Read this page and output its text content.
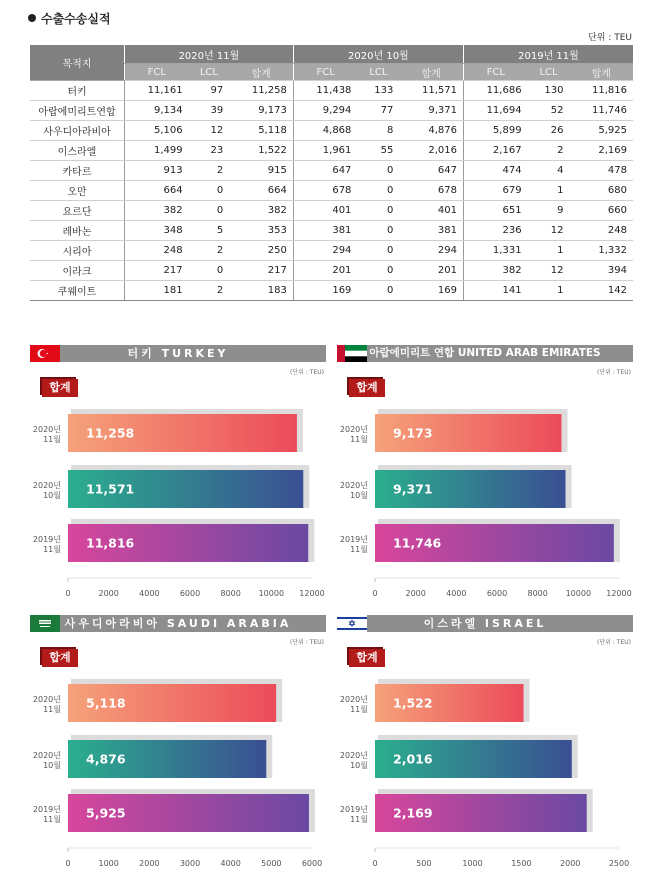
수출수송실적
단위 : TEU
목적지	2020년 11월			2020년 10월			2019년 11월		
	FCL	LCL	합계	FCL	LCL	합계	FCL	LCL	합계
터키	11,161	97	11,258	11,438	133	11,571	11,686	130	11,816
아랍에미리트연합	9,134	39	9,173	9,294	77	9,371	11,694	52	11,746
사우디아라비아	5,106	12	5,118	4,868	8	4,876	5,899	26	5,925
이스라엘	1,499	23	1,522	1,961	55	2,016	2,167	2	2,169
카타르	913	2	915	647	0	647	474	4	478
오만	664	0	664	678	0	678	679	1	680
요르단	382	0	382	401	0	401	651	9	660
레바논	348	5	353	381	0	381	236	12	248
시리아	248	2	250	294	0	294	1,331	1	1,332
이라크	217	0	217	201	0	201	382	12	394
쿠웨이트	181	2	183	169	0	169	141	1	142
터키 TURKEY
(단위 : TEU)
합계
11,258
2020년
11월
11,571
2020년
10월
11,816
2019년
11월
0	2000	4000	6000	8000 10000 12000
아랍에미리트 연합 UNITED ARAB EMIRATES
(단위 : TEU)
합계
9,173
2020년
11월
9,371
2020년
10월
11,746
2019년
11월
0	2000	4000	6000	8000 10000 12000
사우디아라비아 SAUDI ARABIA
(단위 : TEU)
합계
5,118
2020년
11월
4,876
2020년
10월
5,925
2019년
11월
0	1000	2000	3000	4000	5000	6000
이스라엘 ISRAEL
(단위 : TEU)
합계
1,522
2020년
11월
2,016
2020년
10월
2,169
2019년
11월
0	500	1000	1500	2000	2500
